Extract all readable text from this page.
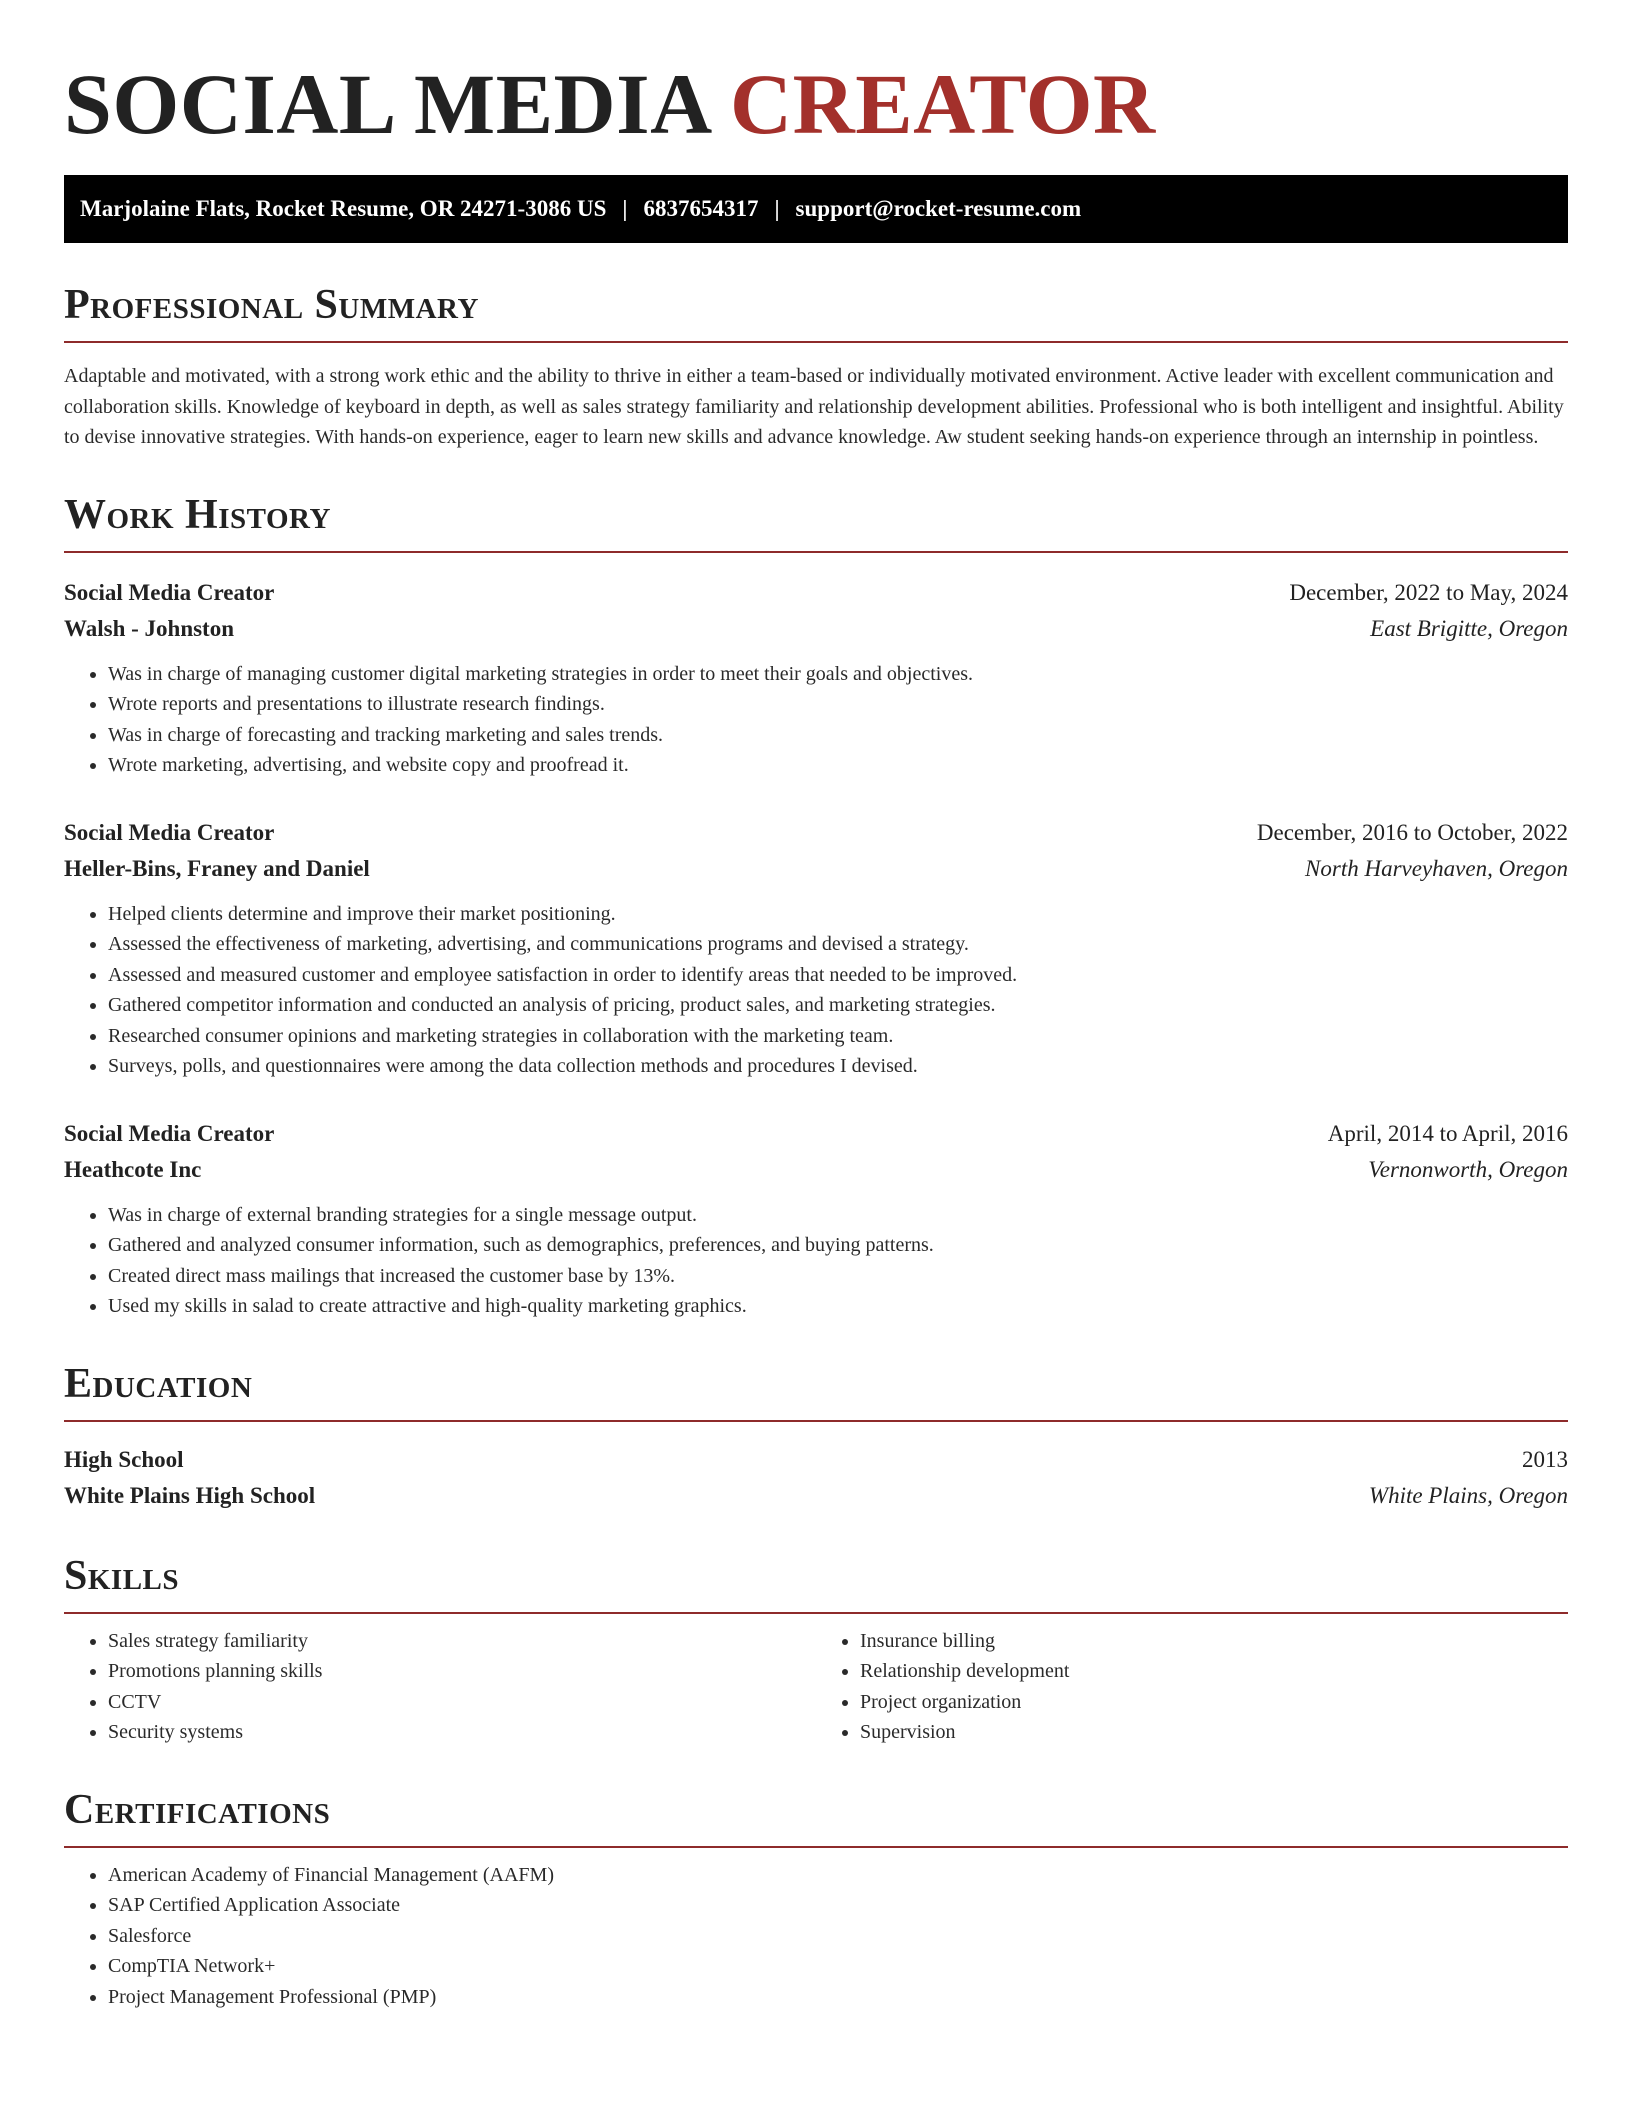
SOCIAL MEDIA CREATOR
Marjolaine Flats, Rocket Resume, OR 24271-3086 US | 6837654317 | support@rocket-resume.com
Professional Summary

Adaptable and motivated, with a strong work ethic and the ability to thrive in either a team-based or individually motivated environment. Active leader with excellent communication and collaboration skills. Knowledge of keyboard in depth, as well as sales strategy familiarity and relationship development abilities. Professional who is both intelligent and insightful. Ability to devise innovative strategies. With hands-on experience, eager to learn new skills and advance knowledge. Aw student seeking hands-on experience through an internship in pointless.

Work History
Social Media Creator	December, 2022 to May, 2024
Walsh - Johnston	East Brigitte, Oregon
• Was in charge of managing customer digital marketing strategies in order to meet their goals and objectives.
• Wrote reports and presentations to illustrate research findings.
• Was in charge of forecasting and tracking marketing and sales trends.
• Wrote marketing, advertising, and website copy and proofread it.
Social Media Creator	December, 2016 to October, 2022
Heller-Bins, Franey and Daniel	North Harveyhaven, Oregon
• Helped clients determine and improve their market positioning.
• Assessed the effectiveness of marketing, advertising, and communications programs and devised a strategy.
• Assessed and measured customer and employee satisfaction in order to identify areas that needed to be improved.
• Gathered competitor information and conducted an analysis of pricing, product sales, and marketing strategies.
• Researched consumer opinions and marketing strategies in collaboration with the marketing team.
• Surveys, polls, and questionnaires were among the data collection methods and procedures I devised.
Social Media Creator	April, 2014 to April, 2016
Heathcote Inc	Vernonworth, Oregon
• Was in charge of external branding strategies for a single message output.
• Gathered and analyzed consumer information, such as demographics, preferences, and buying patterns.
• Created direct mass mailings that increased the customer base by 13%.
• Used my skills in salad to create attractive and high-quality marketing graphics.
Education
High School	2013
White Plains High School	White Plains, Oregon
Skills
• Sales strategy familiarity
• Promotions planning skills
• CCTV
• Security systems
• Insurance billing
• Relationship development
• Project organization
• Supervision
Certifications
• American Academy of Financial Management (AAFM)
• SAP Certified Application Associate
• Salesforce
• CompTIA Network+
• Project Management Professional (PMP)
